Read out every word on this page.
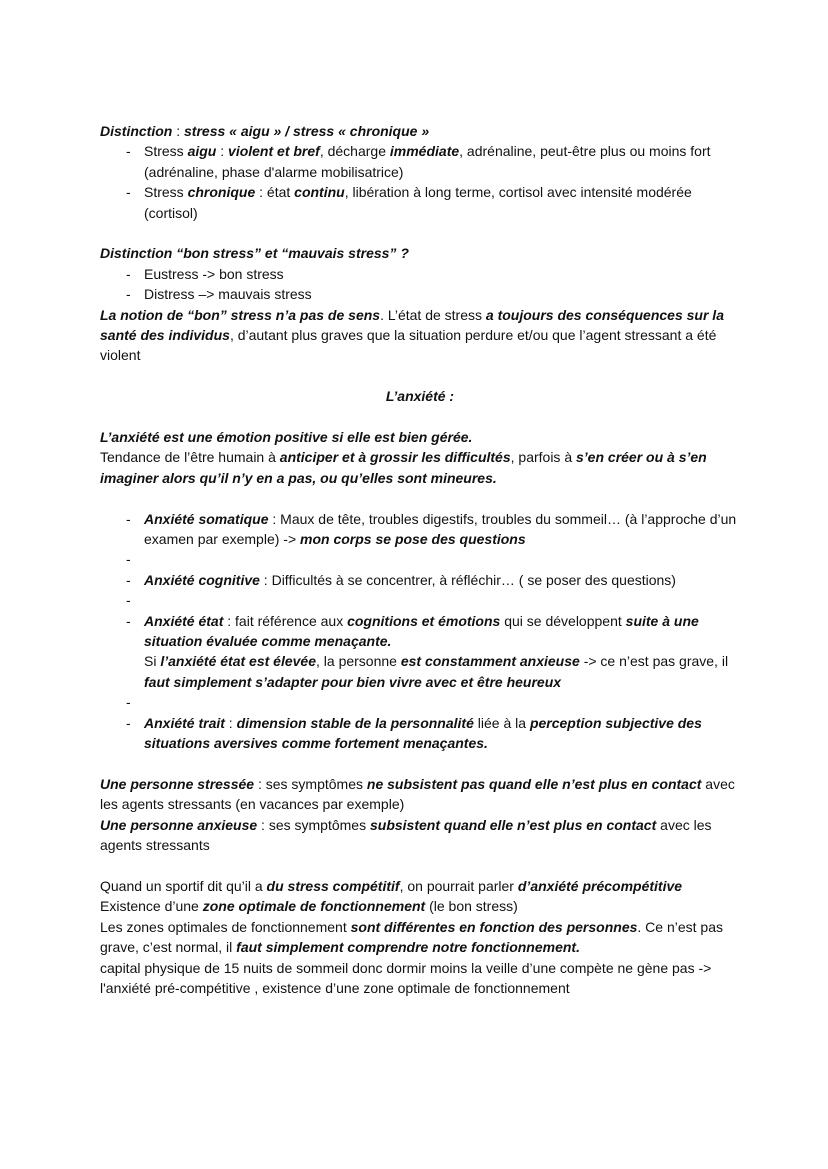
Distinction : stress « aigu » / stress « chronique »

- Stress aigu : violent et bref, décharge immédiate, adrénaline, peut-être plus ou moins fort (adrénaline, phase d'alarme mobilisatrice)
- Stress chronique : état continu, libération à long terme, cortisol avec intensité modérée (cortisol)

Distinction “bon stress” et “mauvais stress” ?

- Eustress -> bon stress
- Distress –> mauvais stress

La notion de “bon” stress n’a pas de sens. L’état de stress a toujours des conséquences sur la santé des individus, d’autant plus graves que la situation perdure et/ou que l’agent stressant a été violent

L’anxiété :

L’anxiété est une émotion positive si elle est bien gérée.

Tendance de l’être humain à anticiper et à grossir les difficultés, parfois à s’en créer ou à s’en imaginer alors qu’il n’y en a pas, ou qu’elles sont mineures.

- Anxiété somatique : Maux de tête, troubles digestifs, troubles du sommeil… (à l’approche d’un examen par exemple) -> mon corps se pose des questions
-
- Anxiété cognitive : Difficultés à se concentrer, à réfléchir… ( se poser des questions)
-
- Anxiété état : fait référence aux cognitions et émotions qui se développent suite à une situation évaluée comme menaçante.
Si l’anxiété état est élevée, la personne est constamment anxieuse -> ce n’est pas grave, il faut simplement s’adapter pour bien vivre avec et être heureux
-
- Anxiété trait : dimension stable de la personnalité liée à la perception subjective des situations aversives comme fortement menaçantes.

Une personne stressée : ses symptômes ne subsistent pas quand elle n’est plus en contact avec les agents stressants (en vacances par exemple)

Une personne anxieuse : ses symptômes subsistent quand elle n’est plus en contact avec les agents stressants

Quand un sportif dit qu’il a du stress compétitif, on pourrait parler d’anxiété précompétitive

Existence d’une zone optimale de fonctionnement (le bon stress)

Les zones optimales de fonctionnement sont différentes en fonction des personnes. Ce n’est pas grave, c’est normal, il faut simplement comprendre notre fonctionnement.

capital physique de 15 nuits de sommeil donc dormir moins la veille d’une compète ne gène pas -> l'anxiété pré-compétitive , existence d’une zone optimale de fonctionnement
